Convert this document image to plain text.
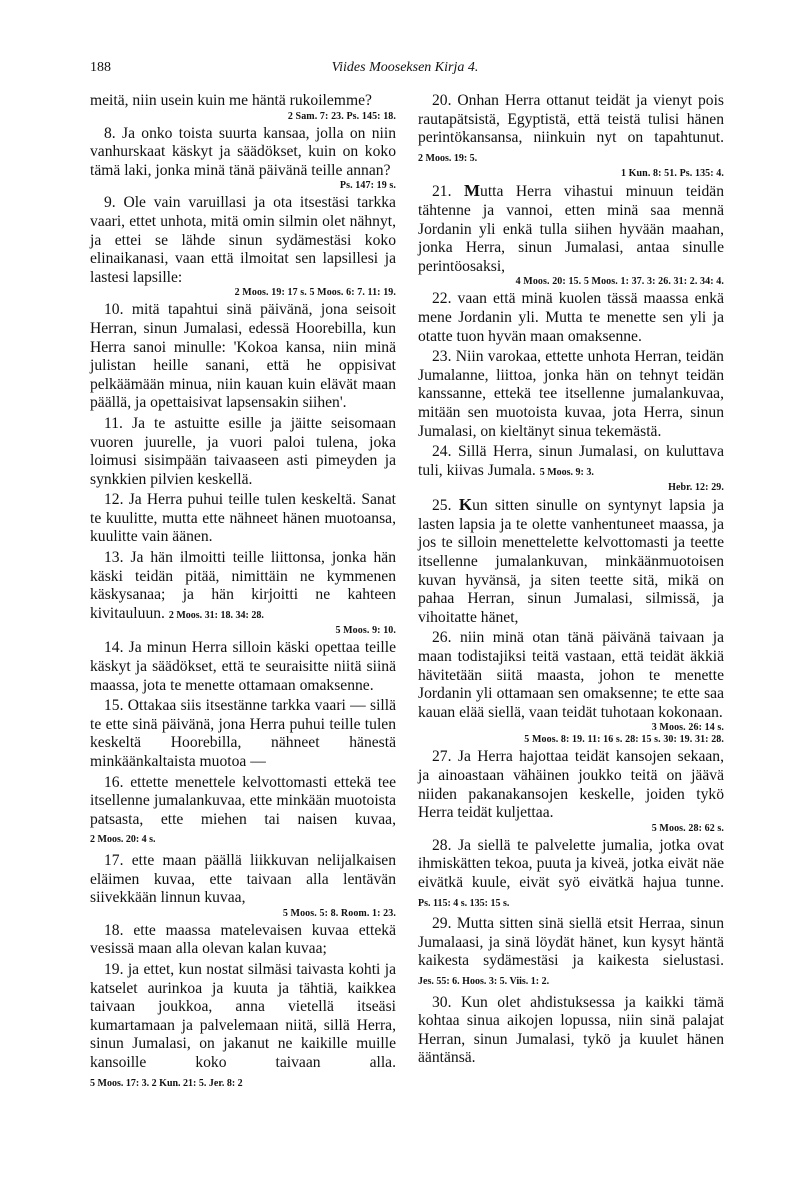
188	Viides Mooseksen Kirja 4.

meitä, niin usein kuin me häntä rukoilemme?
2 Sam. 7: 23. Ps. 145: 18.

8. Ja onko toista suurta kansaa, jolla on niin vanhurskaat käskyt ja säädökset, kuin on koko tämä laki, jonka minä tänä päivänä teille annan?
Ps. 147: 19 s.

9. Ole vain varuillasi ja ota itsestäsi tarkka vaari, ettet unhota, mitä omin silmin olet nähnyt, ja ettei se lähde sinun sydämestäsi koko elinaikanasi, vaan että ilmoitat sen lapsillesi ja lastesi lapsille:
2 Moos. 19: 17 s. 5 Moos. 6: 7. 11: 19.

10. mitä tapahtui sinä päivänä, jona seisoit Herran, sinun Jumalasi, edessä Hoorebilla, kun Herra sanoi minulle: 'Kokoa kansa, niin minä julistan heille sanani, että he oppisivat pelkäämään minua, niin kauan kuin elävät maan päällä, ja opettaisivat lapsensakin siihen'.

11. Ja te astuitte esille ja jäitte seisomaan vuoren juurelle, ja vuori paloi tulena, joka loimusi sisimpään taivaaseen asti pimeyden ja synkkien pilvien keskellä.

12. Ja Herra puhui teille tulen keskeltä. Sanat te kuulitte, mutta ette nähneet hänen muotoansa, kuulitte vain äänen.

13. Ja hän ilmoitti teille liittonsa, jonka hän käski teidän pitää, nimittäin ne kymmenen käskysanaa; ja hän kirjoitti ne kahteen kivitauluun. 2 Moos. 31: 18. 34: 28.
5 Moos. 9: 10.

14. Ja minun Herra silloin käski opettaa teille käskyt ja säädökset, että te seuraisitte niitä siinä maassa, jota te menette ottamaan omaksenne.

15. Ottakaa siis itsestänne tarkka vaari — sillä te ette sinä päivänä, jona Herra puhui teille tulen keskeltä Hoorebilla, nähneet hänestä minkäänkaltaista muotoa —

16. ettette menettele kelvottomasti ettekä tee itsellenne jumalankuvaa, ette minkään muotoista patsasta, ette miehen tai naisen kuvaa, 2 Moos. 20: 4 s.

17. ette maan päällä liikkuvan nelijalkaisen eläimen kuvaa, ette taivaan alla lentävän siivekkään linnun kuvaa,
5 Moos. 5: 8. Room. 1: 23.

18. ette maassa matelevaisen kuvaa ettekä vesissä maan alla olevan kalan kuvaa;

19. ja ettet, kun nostat silmäsi taivasta kohti ja katselet aurinkoa ja kuuta ja tähtiä, kaikkea taivaan joukkoa, anna vietellä itseäsi kumartamaan ja palvelemaan niitä, sillä Herra, sinun Jumalasi, on jakanut ne kaikille muille kansoille koko taivaan alla. 5 Moos. 17: 3. 2 Kun. 21: 5. Jer. 8: 2

20. Onhan Herra ottanut teidät ja vienyt pois rautapätsistä, Egyptistä, että teistä tulisi hänen perintökansansa, niinkuin nyt on tapahtunut. 2 Moos. 19: 5.
1 Kun. 8: 51. Ps. 135: 4.

21. Mutta Herra vihastui minuun teidän tähtenne ja vannoi, etten minä saa mennä Jordanin yli enkä tulla siihen hyvään maahan, jonka Herra, sinun Jumalasi, antaa sinulle perintöosaksi,
4 Moos. 20: 15. 5 Moos. 1: 37. 3: 26. 31: 2. 34: 4.

22. vaan että minä kuolen tässä maassa enkä mene Jordanin yli. Mutta te menette sen yli ja otatte tuon hyvän maan omaksenne.

23. Niin varokaa, ettette unhota Herran, teidän Jumalanne, liittoa, jonka hän on tehnyt teidän kanssanne, ettekä tee itsellenne jumalankuvaa, mitään sen muotoista kuvaa, jota Herra, sinun Jumalasi, on kieltänyt sinua tekemästä.

24. Sillä Herra, sinun Jumalasi, on kuluttava tuli, kiivas Jumala. 5 Moos. 9: 3.
Hebr. 12: 29.

25. Kun sitten sinulle on syntynyt lapsia ja lasten lapsia ja te olette vanhentuneet maassa, ja jos te silloin menettelette kelvottomasti ja teette itsellenne jumalankuvan, minkäänmuotoisen kuvan hyvänsä, ja siten teette sitä, mikä on pahaa Herran, sinun Jumalasi, silmissä, ja vihoitatte hänet,

26. niin minä otan tänä päivänä taivaan ja maan todistajiksi teitä vastaan, että teidät äkkiä hävitetään siitä maasta, johon te menette Jordanin yli ottamaan sen omaksenne; te ette saa kauan elää siellä, vaan teidät tuhotaan kokonaan.
3 Moos. 26: 14 s.
5 Moos. 8: 19. 11: 16 s. 28: 15 s. 30: 19. 31: 28.

27. Ja Herra hajottaa teidät kansojen sekaan, ja ainoastaan vähäinen joukko teitä on jäävä niiden pakanakansojen keskelle, joiden tykö Herra teidät kuljettaa.
5 Moos. 28: 62 s.

28. Ja siellä te palvelette jumalia, jotka ovat ihmiskätten tekoa, puuta ja kiveä, jotka eivät näe eivätkä kuule, eivät syö eivätkä hajua tunne. Ps. 115: 4 s. 135: 15 s.

29. Mutta sitten sinä siellä etsit Herraa, sinun Jumalaasi, ja sinä löydät hänet, kun kysyt häntä kaikesta sydämestäsi ja kaikesta sielustasi. Jes. 55: 6. Hoos. 3: 5. Viis. 1: 2.

30. Kun olet ahdistuksessa ja kaikki tämä kohtaa sinua aikojen lopussa, niin sinä palajat Herran, sinun Jumalasi, tykö ja kuulet hänen ääntänsä.
